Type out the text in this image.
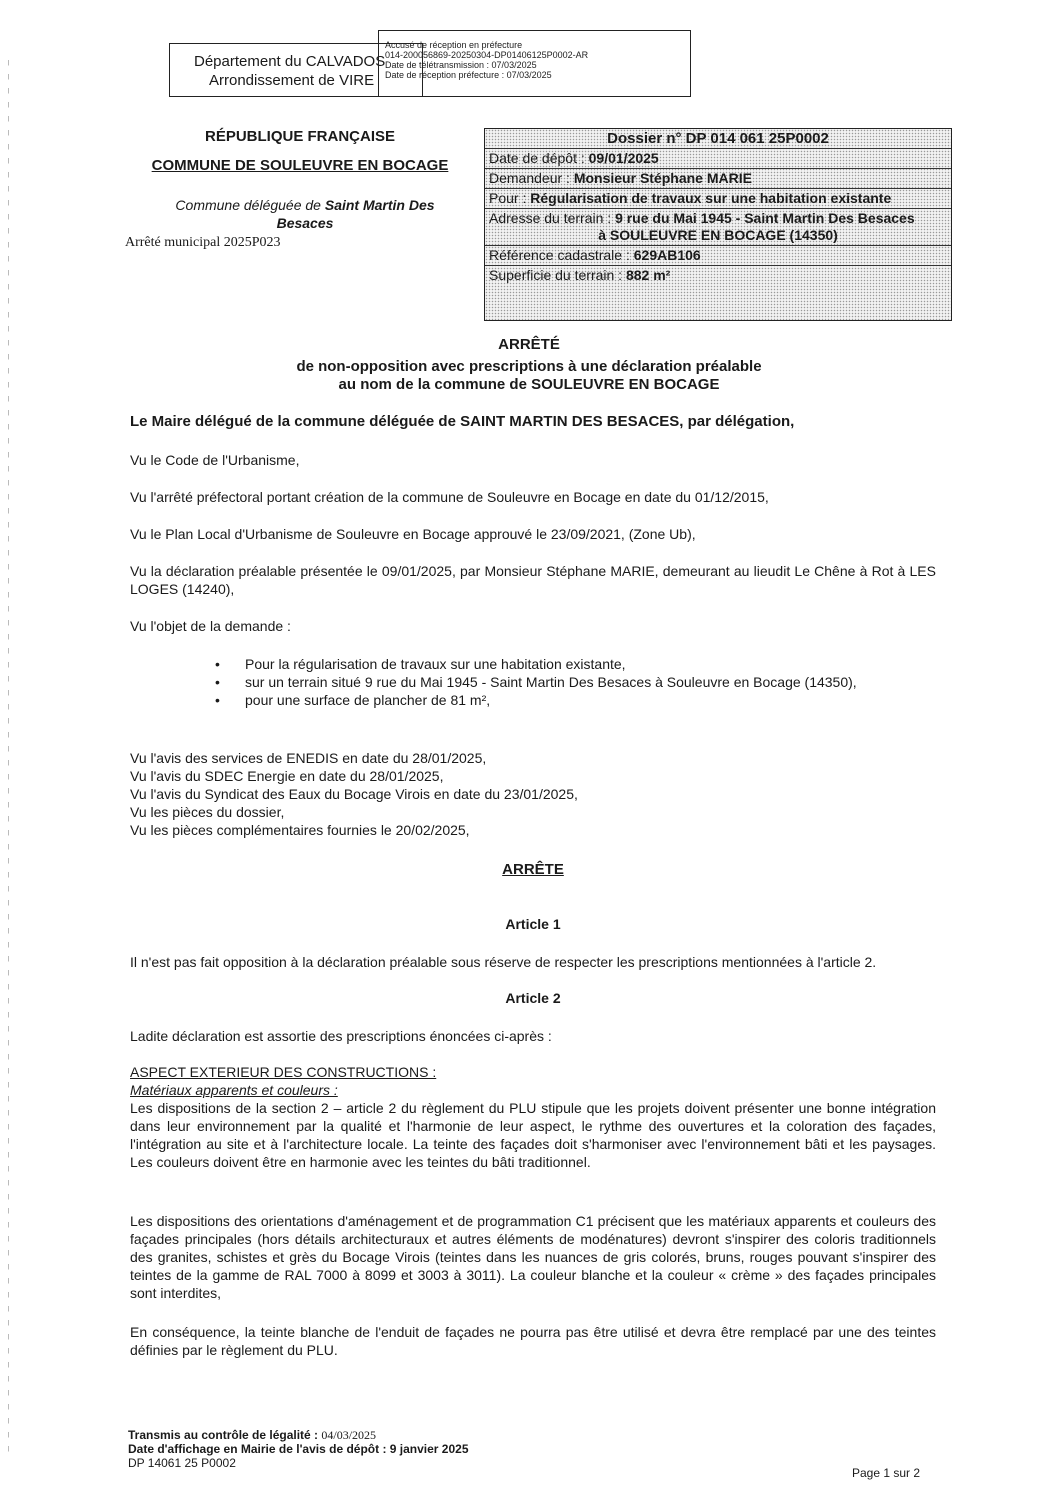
Département du CALVADOS
Arrondissement de VIRE
Accusé de réception en préfecture
014-200056869-20250304-DP01406125P0002-AR
Date de télétransmission : 07/03/2025
Date de réception préfecture : 07/03/2025
RÉPUBLIQUE FRANÇAISE
COMMUNE DE SOULEUVRE EN BOCAGE
Commune déléguée de Saint Martin Des Besaces
Arrêté municipal 2025P023
Dossier n° DP 014 061 25P0002
Date de dépôt : 09/01/2025
Demandeur : Monsieur Stéphane MARIE
Pour : Régularisation de travaux sur une habitation existante
Adresse du terrain : 9 rue du Mai 1945 - Saint Martin Des Besaces

à SOULEUVRE EN BOCAGE (14350)
Référence cadastrale : 629AB106
Superficie du terrain : 882 m²
ARRÊTÉ
de non-opposition avec prescriptions à une déclaration préalable
au nom de la commune de SOULEUVRE EN BOCAGE
Le Maire délégué de la commune déléguée de SAINT MARTIN DES BESACES, par délégation,
Vu le Code de l'Urbanisme,
Vu l'arrêté préfectoral portant création de la commune de Souleuvre en Bocage en date du 01/12/2015,
Vu le Plan Local d'Urbanisme de Souleuvre en Bocage approuvé le 23/09/2021, (Zone Ub),
Vu la déclaration préalable présentée le 09/01/2025, par Monsieur Stéphane MARIE, demeurant au lieudit Le Chêne à Rot à LES LOGES (14240),
Vu l'objet de la demande :
• Pour la régularisation de travaux sur une habitation existante,
• sur un terrain situé 9 rue du Mai 1945 - Saint Martin Des Besaces à Souleuvre en Bocage (14350),
• pour une surface de plancher de 81 m²,
Vu l'avis des services de ENEDIS en date du 28/01/2025,
Vu l'avis du SDEC Energie en date du 28/01/2025,
Vu l'avis du Syndicat des Eaux du Bocage Virois en date du 23/01/2025,
Vu les pièces du dossier,
Vu les pièces complémentaires fournies le 20/02/2025,
ARRÊTE
Article 1
Il n'est pas fait opposition à la déclaration préalable sous réserve de respecter les prescriptions mentionnées à l'article 2.
Article 2
Ladite déclaration est assortie des prescriptions énoncées ci-après :
ASPECT EXTERIEUR DES CONSTRUCTIONS :
Matériaux apparents et couleurs :
Les dispositions de la section 2 – article 2 du règlement du PLU stipule que les projets doivent présenter une bonne intégration dans leur environnement par la qualité et l'harmonie de leur aspect, le rythme des ouvertures et la coloration des façades, l'intégration au site et à l'architecture locale. La teinte des façades doit s'harmoniser avec l'environnement bâti et les paysages. Les couleurs doivent être en harmonie avec les teintes du bâti traditionnel.
Les dispositions des orientations d'aménagement et de programmation C1 précisent que les matériaux apparents et couleurs des façades principales (hors détails architecturaux et autres éléments de modénatures) devront s'inspirer des coloris traditionnels des granites, schistes et grès du Bocage Virois (teintes dans les nuances de gris colorés, bruns, rouges pouvant s'inspirer des teintes de la gamme de RAL 7000 à 8099 et 3003 à 3011). La couleur blanche et la couleur « crème » des façades principales sont interdites,
En conséquence, la teinte blanche de l'enduit de façades ne pourra pas être utilisé et devra être remplacé par une des teintes définies par le règlement du PLU.
Transmis au contrôle de légalité : 04/03/2025
Date d'affichage en Mairie de l'avis de dépôt : 9 janvier 2025
DP 14061 25 P0002
Page 1 sur 2
